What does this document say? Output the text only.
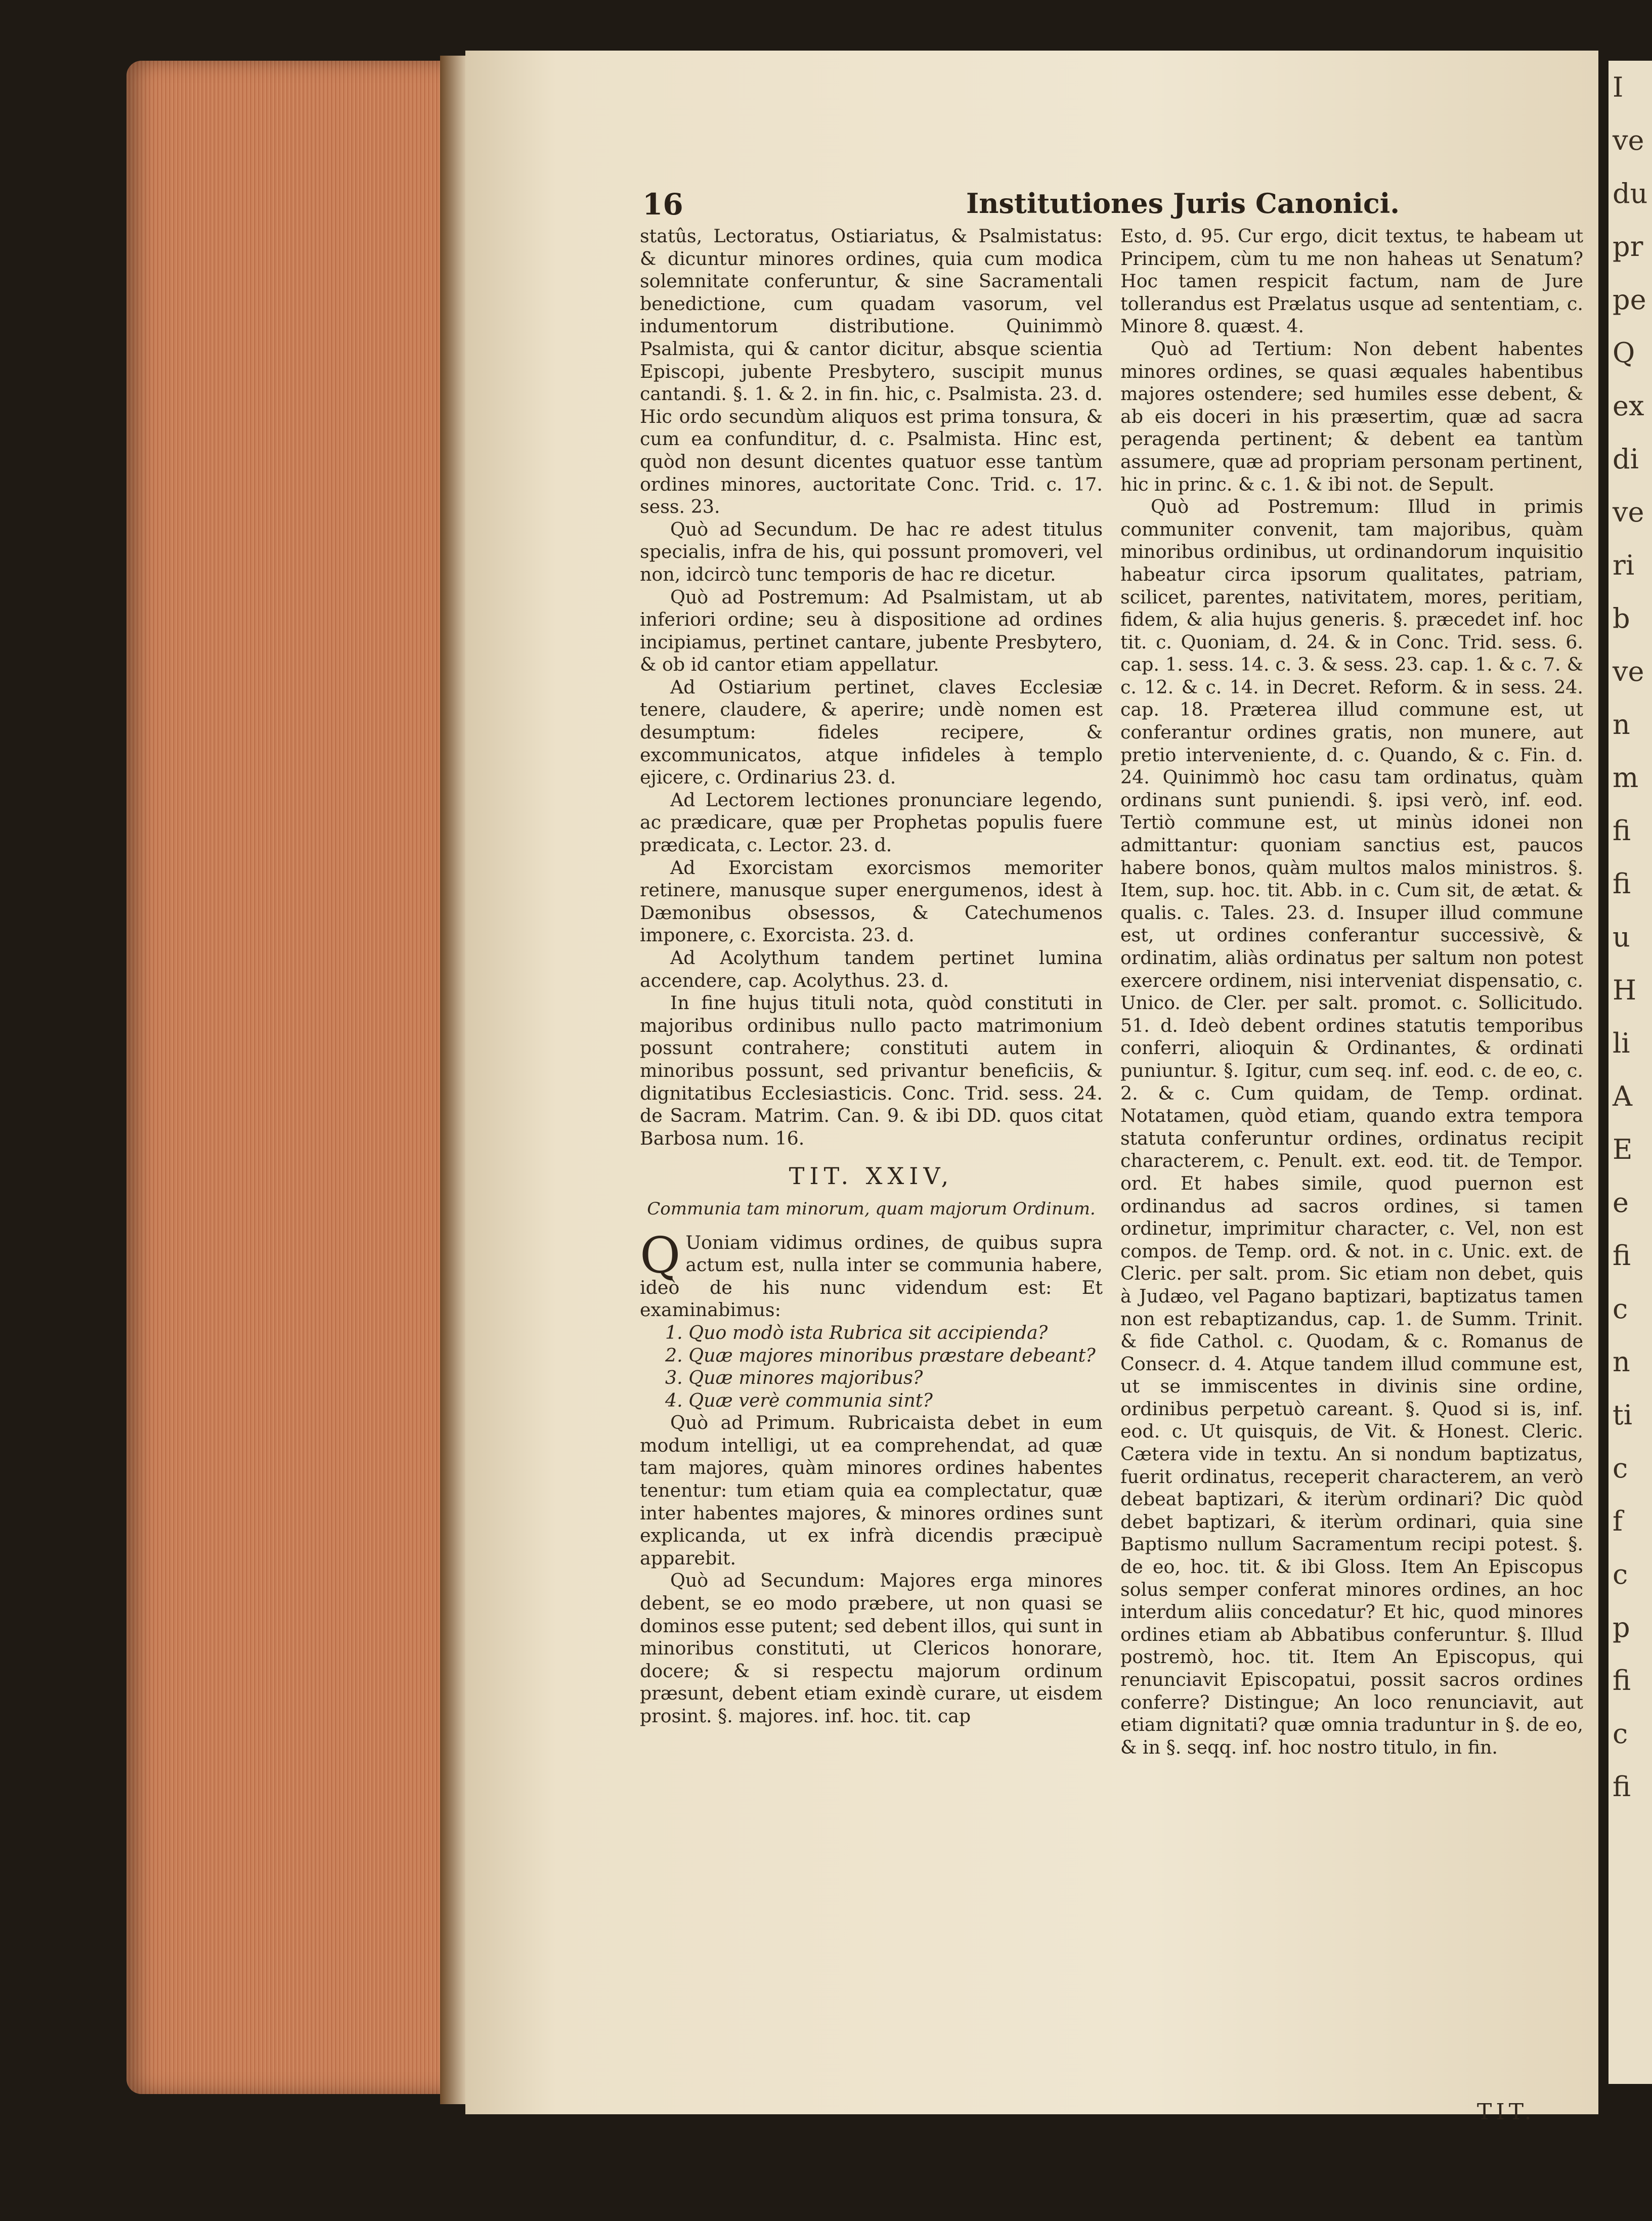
I
ve
du
pr
pe
Q
ex
di
ve
ri
b
ve
n
m
fi
fi
u
H
li
A
E
e
fi
c
n
ti
c
f
c
p
fi
c
fi
16	Institutiones Juris Canonici.

statûs, Lectoratus, Ostiariatus, & Psalmistatus: & dicuntur minores ordines, quia cum modica solemnitate conferuntur, & sine Sacramentali benedictione, cum quadam vasorum, vel indumentorum distributione. Quinimmò Psalmista, qui & cantor dicitur, absque scientia Episcopi, jubente Presbytero, suscipit munus cantandi. §. 1. & 2. in fin. hic, c. Psalmista. 23. d. Hic ordo secundùm aliquos est prima tonsura, & cum ea confunditur, d. c. Psalmista. Hinc est, quòd non desunt dicentes quatuor esse tantùm ordines minores, auctoritate Conc. Trid. c. 17. sess. 23.

Quò ad Secundum. De hac re adest titulus specialis, infra de his, qui possunt promoveri, vel non, idcircò tunc temporis de hac re dicetur.

Quò ad Postremum: Ad Psalmistam, ut ab inferiori ordine; seu à dispositione ad ordines incipiamus, pertinet cantare, jubente Presbytero, & ob id cantor etiam appellatur.

Ad Ostiarium pertinet, claves Ecclesiæ tenere, claudere, & aperire; undè nomen est desumptum: fideles recipere, & excommunicatos, atque infideles à templo ejicere, c. Ordinarius 23. d.

Ad Lectorem lectiones pronunciare legendo, ac prædicare, quæ per Prophetas populis fuere prædicata, c. Lector. 23. d.

Ad Exorcistam exorcismos memoriter retinere, manusque super energumenos, idest à Dæmonibus obsessos, & Catechumenos imponere, c. Exorcista. 23. d.

Ad Acolythum tandem pertinet lumina accendere, cap. Acolythus. 23. d.

In fine hujus tituli nota, quòd constituti in majoribus ordinibus nullo pacto matrimonium possunt contrahere; constituti autem in minoribus possunt, sed privantur beneficiis, & dignitatibus Ecclesiasticis. Conc. Trid. sess. 24. de Sacram. Matrim. Can. 9. & ibi DD. quos citat Barbosa num. 16.

TIT. XXIV,

Communia tam minorum, quam majorum Ordinum.

Q Uoniam vidimus ordines, de quibus supra actum est, nulla inter se communia habere, ideò de his nunc videndum est: Et examinabimus:

1. Quo modò ista Rubrica sit accipienda?

2. Quæ majores minoribus præstare debeant?

3. Quæ minores majoribus?

4. Quæ verè communia sint?

Quò ad Primum. Rubricaista debet in eum modum intelligi, ut ea comprehendat, ad quæ tam majores, quàm minores ordines habentes tenentur: tum etiam quia ea complectatur, quæ inter habentes majores, & minores ordines sunt explicanda, ut ex infrà dicendis præcipuè apparebit.

Quò ad Secundum: Majores erga minores debent, se eo modo præbere, ut non quasi se dominos esse putent; sed debent illos, qui sunt in minoribus constituti, ut Clericos honorare, docere; & si respectu majorum ordinum præsunt, debent etiam exindè curare, ut eisdem prosint. §. majores. inf. hoc. tit. cap

Esto, d. 95. Cur ergo, dicit textus, te habeam ut Principem, cùm tu me non haheas ut Senatum? Hoc tamen respicit factum, nam de Jure tollerandus est Prælatus usque ad sententiam, c. Minore 8. quæst. 4.

Quò ad Tertium: Non debent habentes minores ordines, se quasi æquales habentibus majores ostendere; sed humiles esse debent, & ab eis doceri in his præsertim, quæ ad sacra peragenda pertinent; & debent ea tantùm assumere, quæ ad propriam personam pertinent, hic in princ. & c. 1. & ibi not. de Sepult.

Quò ad Postremum: Illud in primis communiter convenit, tam majoribus, quàm minoribus ordinibus, ut ordinandorum inquisitio habeatur circa ipsorum qualitates, patriam, scilicet, parentes, nativitatem, mores, peritiam, fidem, & alia hujus generis. §. præcedet inf. hoc tit. c. Quoniam, d. 24. & in Conc. Trid. sess. 6. cap. 1. sess. 14. c. 3. & sess. 23. cap. 1. & c. 7. & c. 12. & c. 14. in Decret. Reform. & in sess. 24. cap. 18. Præterea illud commune est, ut conferantur ordines gratis, non munere, aut pretio interveniente, d. c. Quando, & c. Fin. d. 24. Quinimmò hoc casu tam ordinatus, quàm ordinans sunt puniendi. §. ipsi verò, inf. eod. Tertiò commune est, ut minùs idonei non admittantur: quoniam sanctius est, paucos habere bonos, quàm multos malos ministros. §. Item, sup. hoc. tit. Abb. in c. Cum sit, de ætat. & qualis. c. Tales. 23. d. Insuper illud commune est, ut ordines conferantur successivè, & ordinatim, aliàs ordinatus per saltum non potest exercere ordinem, nisi interveniat dispensatio, c. Unico. de Cler. per salt. promot. c. Sollicitudo. 51. d. Ideò debent ordines statutis temporibus conferri, alioquin & Ordinantes, & ordinati puniuntur. §. Igitur, cum seq. inf. eod. c. de eo, c. 2. & c. Cum quidam, de Temp. ordinat. Notatamen, quòd etiam, quando extra tempora statuta conferuntur ordines, ordinatus recipit characterem, c. Penult. ext. eod. tit. de Tempor. ord. Et habes simile, quod puernon est ordinandus ad sacros ordines, si tamen ordinetur, imprimitur character, c. Vel, non est compos. de Temp. ord. & not. in c. Unic. ext. de Cleric. per salt. prom. Sic etiam non debet, quis à Judæo, vel Pagano baptizari, baptizatus tamen non est rebaptizandus, cap. 1. de Summ. Trinit. & fide Cathol. c. Quodam, & c. Romanus de Consecr. d. 4. Atque tandem illud commune est, ut se immiscentes in divinis sine ordine, ordinibus perpetuò careant. §. Quod si is, inf. eod. c. Ut quisquis, de Vit. & Honest. Cleric. Cætera vide in textu. An si nondum baptizatus, fuerit ordinatus, receperit characterem, an verò debeat baptizari, & iterùm ordinari? Dic quòd debet baptizari, & iterùm ordinari, quia sine Baptismo nullum Sacramentum recipi potest. §. de eo, hoc. tit. & ibi Gloss. Item An Episcopus solus semper conferat minores ordines, an hoc interdum aliis concedatur? Et hic, quod minores ordines etiam ab Abbatibus conferuntur. §. Illud postremò, hoc. tit. Item An Episcopus, qui renunciavit Episcopatui, possit sacros ordines conferre? Distingue; An loco renunciavit, aut etiam dignitati? quæ omnia traduntur in §. de eo, & in §. seqq. inf. hoc nostro titulo, in fin.

TIT.
